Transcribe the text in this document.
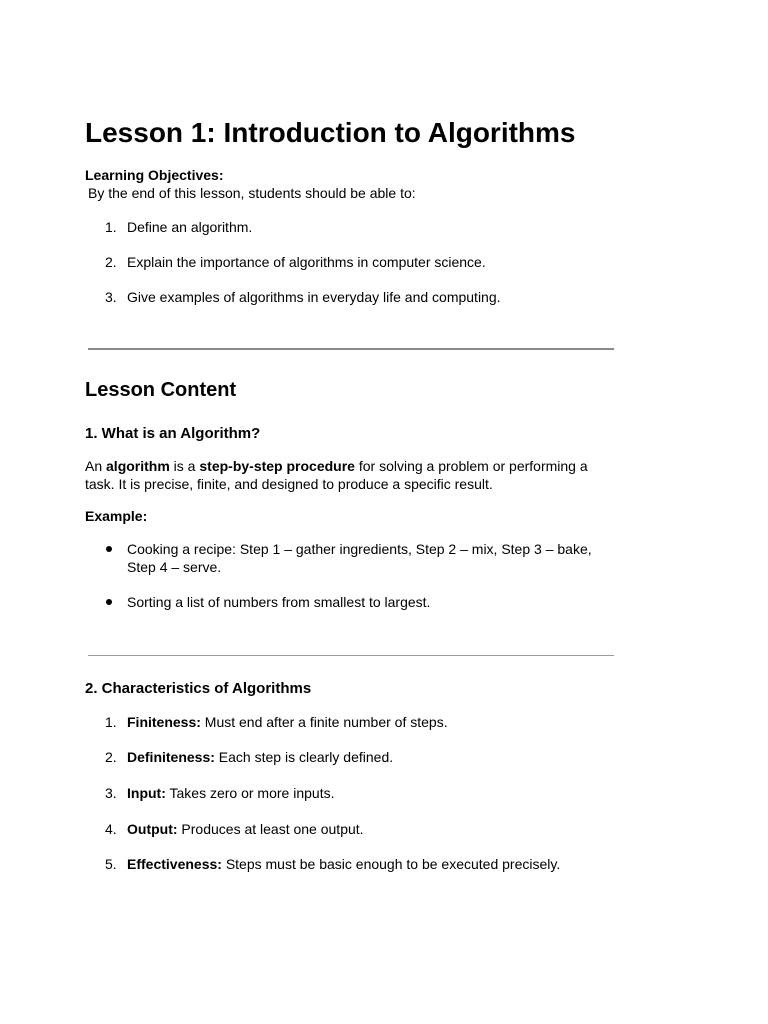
Lesson 1: Introduction to Algorithms
Learning Objectives:
By the end of this lesson, students should be able to:
1. Define an algorithm.
2. Explain the importance of algorithms in computer science.
3. Give examples of algorithms in everyday life and computing.
Lesson Content
1. What is an Algorithm?

An algorithm is a step-by-step procedure for solving a problem or performing a task. It is precise, finite, and designed to produce a specific result.

Example:
Cooking a recipe: Step 1 – gather ingredients, Step 2 – mix, Step 3 – bake, Step 4 – serve.
Sorting a list of numbers from smallest to largest.
2. Characteristics of Algorithms
1. Finiteness: Must end after a finite number of steps.
2. Definiteness: Each step is clearly defined.
3. Input: Takes zero or more inputs.
4. Output: Produces at least one output.
5. Effectiveness: Steps must be basic enough to be executed precisely.
